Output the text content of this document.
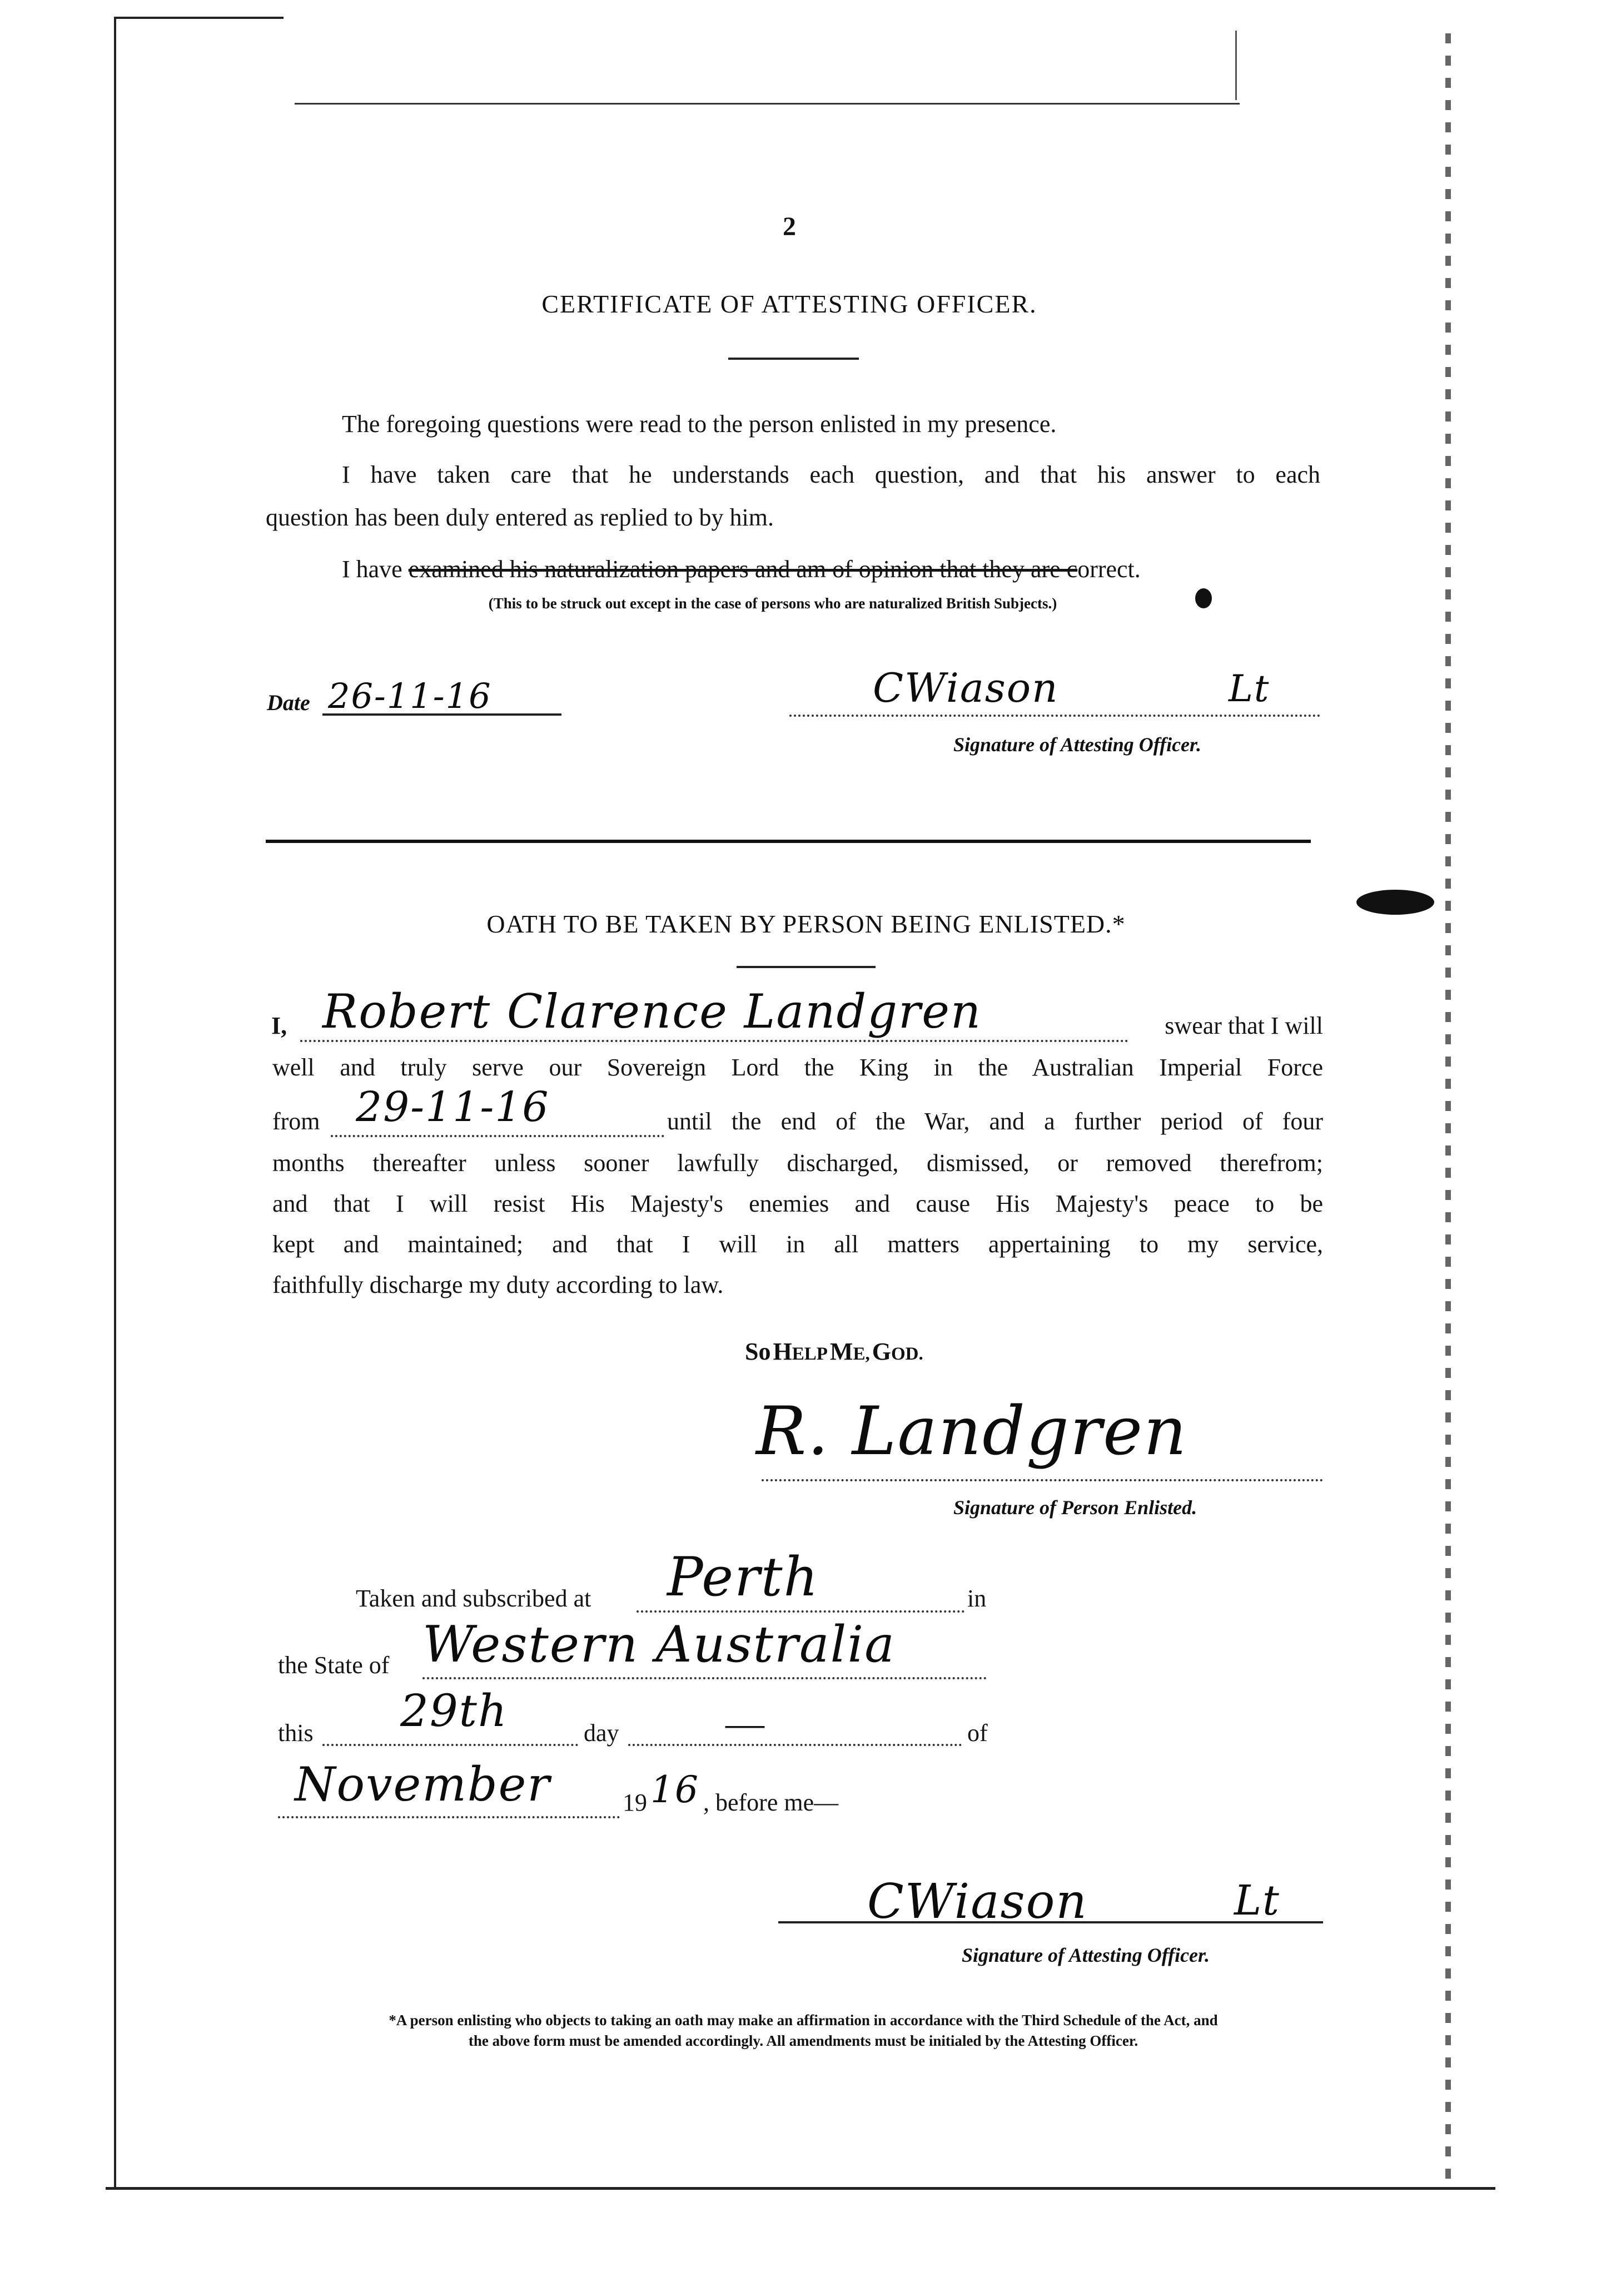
2
CERTIFICATE OF ATTESTING OFFICER.
The foregoing questions were read to the person enlisted in my presence.
I have taken care that he understands each question, and that his answer to each
question has been duly entered as replied to by him.
I have examined his naturalization papers and am of opinion that they are correct.
(This to be struck out except in the case of persons who are naturalized British Subjects.)
Date 26-11-16	CWiason	Lt
Signature of Attesting Officer.
OATH TO BE TAKEN BY PERSON BEING ENLISTED.*
I, Robert Clarence Landgren	swear that I will
well and truly serve our Sovereign Lord the King in the Australian Imperial Force
from 29-11-16	until the end of the War, and a further period of four
months thereafter unless sooner lawfully discharged, dismissed, or removed therefrom;
and that I will resist His Majesty's enemies and cause His Majesty's peace to be
kept and maintained; and that I will in all matters appertaining to my service,
faithfully discharge my duty according to law.
So HELP ME, GOD.
R. Landgren
Signature of Person Enlisted.
Taken and subscribed at Perth	in
the State of Western Australia
this 29th	day	—	of
November	19 16 , before me—
CWiason	Lt
Signature of Attesting Officer.
*A person enlisting who objects to taking an oath may make an affirmation in accordance with the Third Schedule of the Act, and
the above form must be amended accordingly. All amendments must be initialed by the Attesting Officer.
